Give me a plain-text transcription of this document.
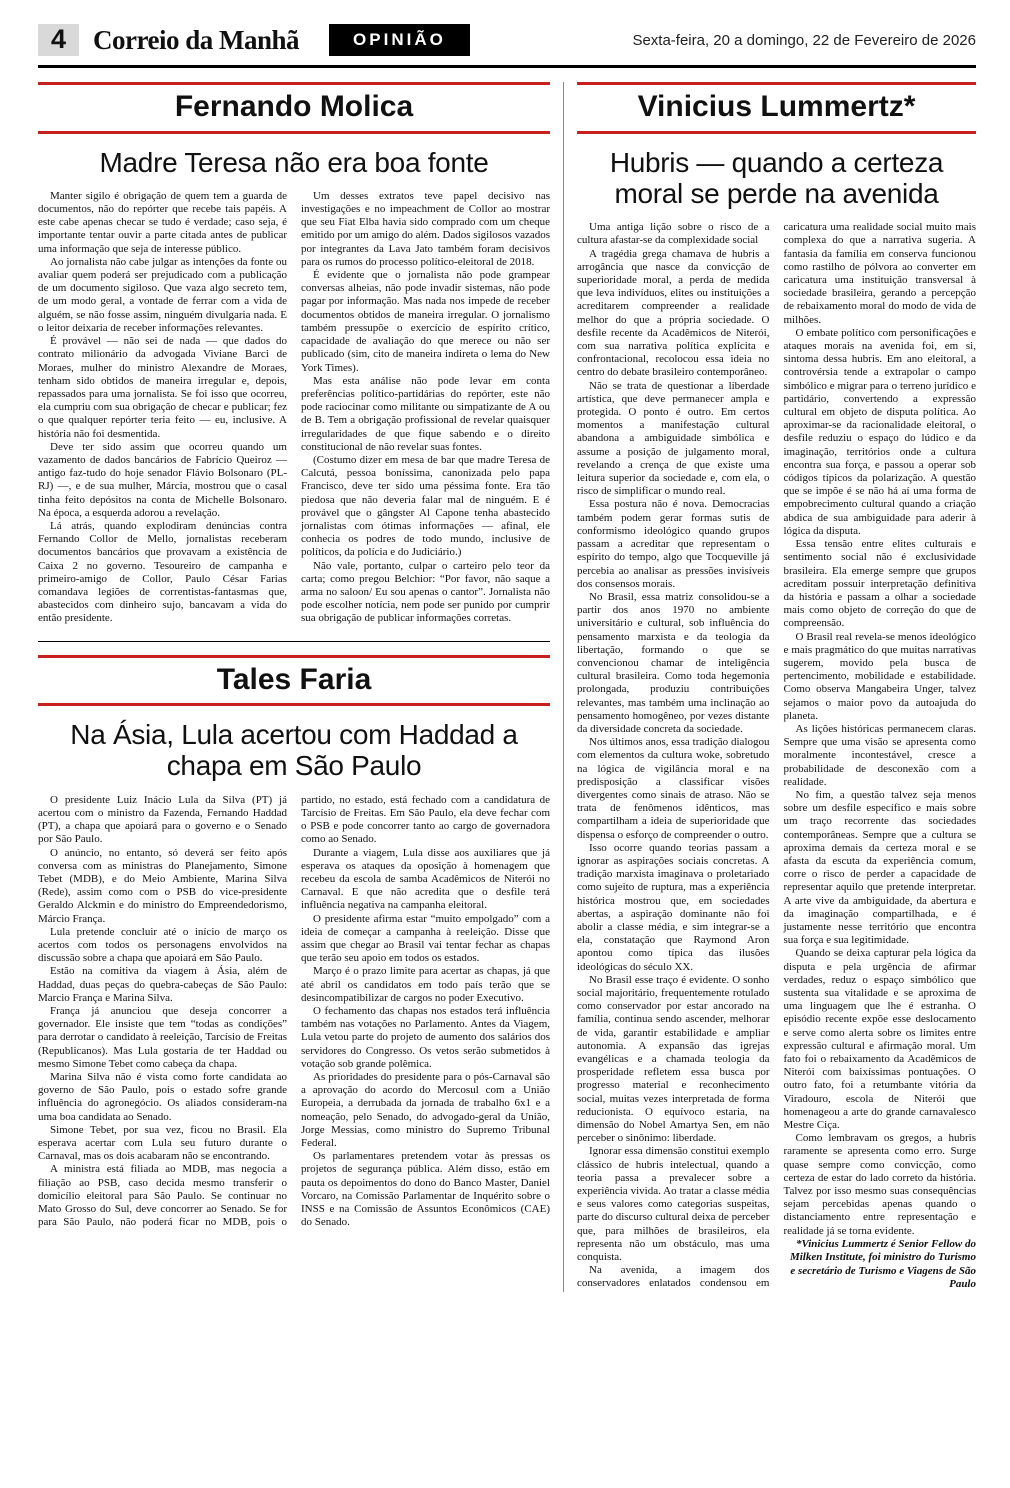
4	Correio da Manhã	OPINIÃO	Sexta-feira, 20 a domingo, 22 de Fevereiro de 2026
Fernando Molica
Madre Teresa não era boa fonte

Manter sigilo é obrigação de quem tem a guarda de documentos, não do repórter que recebe tais papéis. A este cabe apenas checar se tudo é verdade; caso seja, é importante tentar ouvir a parte citada antes de publicar uma informação que seja de interesse público.

Ao jornalista não cabe julgar as intenções da fonte ou avaliar quem poderá ser prejudicado com a publicação de um documento sigiloso. Que vaza algo secreto tem, de um modo geral, a vontade de ferrar com a vida de alguém, se não fosse assim, ninguém divulgaria nada. E o leitor deixaria de receber informações relevantes.

É provável — não sei de nada — que dados do contrato milionário da advogada Viviane Barci de Moraes, mulher do ministro Alexandre de Moraes, tenham sido obtidos de maneira irregular e, depois, repassados para uma jornalista. Se foi isso que ocorreu, ela cumpriu com sua obrigação de checar e publicar; fez o que qualquer repórter teria feito — eu, inclusive. A história não foi desmentida.

Deve ter sido assim que ocorreu quando um vazamento de dados bancários de Fabrício Queiroz — antigo faz-tudo do hoje senador Flávio Bolsonaro (PL-RJ) —, e de sua mulher, Márcia, mostrou que o casal tinha feito depósitos na conta de Michelle Bolsonaro. Na época, a esquerda adorou a revelação.

Lá atrás, quando explodiram denúncias contra Fernando Collor de Mello, jornalistas receberam documentos bancários que provavam a existência de Caixa 2 no governo. Tesoureiro de campanha e primeiro-amigo de Collor, Paulo César Farias comandava legiões de correntistas-fantasmas que, abastecidos com dinheiro sujo, bancavam a vida do então presidente.

Um desses extratos teve papel decisivo nas investigações e no impeachment de Collor ao mostrar que seu Fiat Elba havia sido comprado com um cheque emitido por um amigo do além. Dados sigilosos vazados por integrantes da Lava Jato também foram decisivos para os rumos do processo político-eleitoral de 2018.

É evidente que o jornalista não pode grampear conversas alheias, não pode invadir sistemas, não pode pagar por informação. Mas nada nos impede de receber documentos obtidos de maneira irregular. O jornalismo também pressupõe o exercício de espírito crítico, capacidade de avaliação do que merece ou não ser publicado (sim, cito de maneira indireta o lema do New York Times).

Mas esta análise não pode levar em conta preferências político-partidárias do repórter, este não pode raciocinar como militante ou simpatizante de A ou de B. Tem a obrigação profissional de revelar quaisquer irregularidades de que fique sabendo e o direito constitucional de não revelar suas fontes.

(Costumo dizer em mesa de bar que madre Teresa de Calcutá, pessoa boníssima, canonizada pelo papa Francisco, deve ter sido uma péssima fonte. Era tão piedosa que não deveria falar mal de ninguém. E é provável que o gângster Al Capone tenha abastecido jornalistas com ótimas informações — afinal, ele conhecia os podres de todo mundo, inclusive de políticos, da polícia e do Judiciário.)

Não vale, portanto, culpar o carteiro pelo teor da carta; como pregou Belchior: “Por favor, não saque a arma no saloon/ Eu sou apenas o cantor”. Jornalista não pode escolher notícia, nem pode ser punido por cumprir sua obrigação de publicar informações corretas.

Tales Faria
Na Ásia, Lula acertou com Haddad a chapa em São Paulo

O presidente Luiz Inácio Lula da Silva (PT) já acertou com o ministro da Fazenda, Fernando Haddad (PT), a chapa que apoiará para o governo e o Senado por São Paulo.

O anúncio, no entanto, só deverá ser feito após conversa com as ministras do Planejamento, Simone Tebet (MDB), e do Meio Ambiente, Marina Silva (Rede), assim como com o PSB do vice-presidente Geraldo Alckmin e do ministro do Empreendedorismo, Márcio França.

Lula pretende concluir até o início de março os acertos com todos os personagens envolvidos na discussão sobre a chapa que apoiará em São Paulo.

Estão na comitiva da viagem à Ásia, além de Haddad, duas peças do quebra-cabeças de São Paulo: Marcio França e Marina Silva.

França já anunciou que deseja concorrer a governador. Ele insiste que tem “todas as condições” para derrotar o candidato à reeleição, Tarcísio de Freitas (Republicanos). Mas Lula gostaria de ter Haddad ou mesmo Simone Tebet como cabeça da chapa.

Marina Silva não é vista como forte candidata ao governo de São Paulo, pois o estado sofre grande influência do agronegócio. Os aliados consideram-na uma boa candidata ao Senado.

Simone Tebet, por sua vez, ficou no Brasil. Ela esperava acertar com Lula seu futuro durante o Carnaval, mas os dois acabaram não se encontrando.

A ministra está filiada ao MDB, mas negocia a filiação ao PSB, caso decida mesmo transferir o domicílio eleitoral para São Paulo. Se continuar no Mato Grosso do Sul, deve concorrer ao Senado. Se for para São Paulo, não poderá ficar no MDB, pois o partido, no estado, está fechado com a candidatura de Tarcísio de Freitas. Em São Paulo, ela deve fechar com o PSB e pode concorrer tanto ao cargo de governadora como ao Senado.

Durante a viagem, Lula disse aos auxiliares que já esperava os ataques da oposição à homenagem que recebeu da escola de samba Acadêmicos de Niterói no Carnaval. E que não acredita que o desfile terá influência negativa na campanha eleitoral.

O presidente afirma estar “muito empolgado” com a ideia de começar a campanha à reeleição. Disse que assim que chegar ao Brasil vai tentar fechar as chapas que terão seu apoio em todos os estados.

Março é o prazo limite para acertar as chapas, já que até abril os candidatos em todo país terão que se desincompatibilizar de cargos no poder Executivo.

O fechamento das chapas nos estados terá influência também nas votações no Parlamento. Antes da Viagem, Lula vetou parte do projeto de aumento dos salários dos servidores do Congresso. Os vetos serão submetidos à votação sob grande polêmica.

As prioridades do presidente para o pós-Carnaval são a aprovação do acordo do Mercosul com a União Europeia, a derrubada da jornada de trabalho 6x1 e a nomeação, pelo Senado, do advogado-geral da União, Jorge Messias, como ministro do Supremo Tribunal Federal.

Os parlamentares pretendem votar às pressas os projetos de segurança pública. Além disso, estão em pauta os depoimentos do dono do Banco Master, Daniel Vorcaro, na Comissão Parlamentar de Inquérito sobre o INSS e na Comissão de Assuntos Econômicos (CAE) do Senado.

Vinicius Lummertz*
Hubris — quando a certeza moral se perde na avenida

Uma antiga lição sobre o risco de a cultura afastar-se da complexidade social

A tragédia grega chamava de hubris a arrogância que nasce da convicção de superioridade moral, a perda de medida que leva indivíduos, elites ou instituições a acreditarem compreender a realidade melhor do que a própria sociedade. O desfile recente da Acadêmicos de Niterói, com sua narrativa política explícita e confrontacional, recolocou essa ideia no centro do debate brasileiro contemporâneo.

Não se trata de questionar a liberdade artística, que deve permanecer ampla e protegida. O ponto é outro. Em certos momentos a manifestação cultural abandona a ambiguidade simbólica e assume a posição de julgamento moral, revelando a crença de que existe uma leitura superior da sociedade e, com ela, o risco de simplificar o mundo real.

Essa postura não é nova. Democracias também podem gerar formas sutis de conformismo ideológico quando grupos passam a acreditar que representam o espírito do tempo, algo que Tocqueville já percebia ao analisar as pressões invisíveis dos consensos morais.

No Brasil, essa matriz consolidou-se a partir dos anos 1970 no ambiente universitário e cultural, sob influência do pensamento marxista e da teologia da libertação, formando o que se convencionou chamar de inteligência cultural brasileira. Como toda hegemonia prolongada, produziu contribuições relevantes, mas também uma inclinação ao pensamento homogêneo, por vezes distante da diversidade concreta da sociedade.

Nos últimos anos, essa tradição dialogou com elementos da cultura woke, sobretudo na lógica de vigilância moral e na predisposição a classificar visões divergentes como sinais de atraso. Não se trata de fenômenos idênticos, mas compartilham a ideia de superioridade que dispensa o esforço de compreender o outro.

Isso ocorre quando teorias passam a ignorar as aspirações sociais concretas. A tradição marxista imaginava o proletariado como sujeito de ruptura, mas a experiência histórica mostrou que, em sociedades abertas, a aspiração dominante não foi abolir a classe média, e sim integrar-se a ela, constatação que Raymond Aron apontou como típica das ilusões ideológicas do século XX.

No Brasil esse traço é evidente. O sonho social majoritário, frequentemente rotulado como conservador por estar ancorado na família, continua sendo ascender, melhorar de vida, garantir estabilidade e ampliar autonomia. A expansão das igrejas evangélicas e a chamada teologia da prosperidade refletem essa busca por progresso material e reconhecimento social, muitas vezes interpretada de forma reducionista. O equívoco estaria, na dimensão do Nobel Amartya Sen, em não perceber o sinônimo: liberdade.

Ignorar essa dimensão constitui exemplo clássico de hubris intelectual, quando a teoria passa a prevalecer sobre a experiência vivida. Ao tratar a classe média e seus valores como categorias suspeitas, parte do discurso cultural deixa de perceber que, para milhões de brasileiros, ela representa não um obstáculo, mas uma conquista.

Na avenida, a imagem dos conservadores enlatados condensou em caricatura uma realidade social muito mais complexa do que a narrativa sugeria. A fantasia da família em conserva funcionou como rastilho de pólvora ao converter em caricatura uma instituição transversal à sociedade brasileira, gerando a percepção de rebaixamento moral do modo de vida de milhões.

O embate político com personificações e ataques morais na avenida foi, em si, sintoma dessa hubris. Em ano eleitoral, a controvérsia tende a extrapolar o campo simbólico e migrar para o terreno jurídico e partidário, convertendo a expressão cultural em objeto de disputa política. Ao aproximar-se da racionalidade eleitoral, o desfile reduziu o espaço do lúdico e da imaginação, territórios onde a cultura encontra sua força, e passou a operar sob códigos típicos da polarização. A questão que se impõe é se não há aí uma forma de empobrecimento cultural quando a criação abdica de sua ambiguidade para aderir à lógica da disputa.

Essa tensão entre elites culturais e sentimento social não é exclusividade brasileira. Ela emerge sempre que grupos acreditam possuir interpretação definitiva da história e passam a olhar a sociedade mais como objeto de correção do que de compreensão.

O Brasil real revela-se menos ideológico e mais pragmático do que muitas narrativas sugerem, movido pela busca de pertencimento, mobilidade e estabilidade. Como observa Mangabeira Unger, talvez sejamos o maior povo da autoajuda do planeta.

As lições históricas permanecem claras. Sempre que uma visão se apresenta como moralmente incontestável, cresce a probabilidade de desconexão com a realidade.

No fim, a questão talvez seja menos sobre um desfile específico e mais sobre um traço recorrente das sociedades contemporâneas. Sempre que a cultura se aproxima demais da certeza moral e se afasta da escuta da experiência comum, corre o risco de perder a capacidade de representar aquilo que pretende interpretar. A arte vive da ambiguidade, da abertura e da imaginação compartilhada, e é justamente nesse território que encontra sua força e sua legitimidade.

Quando se deixa capturar pela lógica da disputa e pela urgência de afirmar verdades, reduz o espaço simbólico que sustenta sua vitalidade e se aproxima de uma linguagem que lhe é estranha. O episódio recente expõe esse deslocamento e serve como alerta sobre os limites entre expressão cultural e afirmação moral. Um fato foi o rebaixamento da Acadêmicos de Niterói com baixíssimas pontuações. O outro fato, foi a retumbante vitória da Viradouro, escola de Niterói que homenageou a arte do grande carnavalesco Mestre Ciça.

Como lembravam os gregos, a hubris raramente se apresenta como erro. Surge quase sempre como convicção, como certeza de estar do lado correto da história. Talvez por isso mesmo suas consequências sejam percebidas apenas quando o distanciamento entre representação e realidade já se torna evidente.

*Vinicius Lummertz é Senior Fellow do Milken Institute, foi ministro do Turismo e secretário de Turismo e Viagens de São Paulo
